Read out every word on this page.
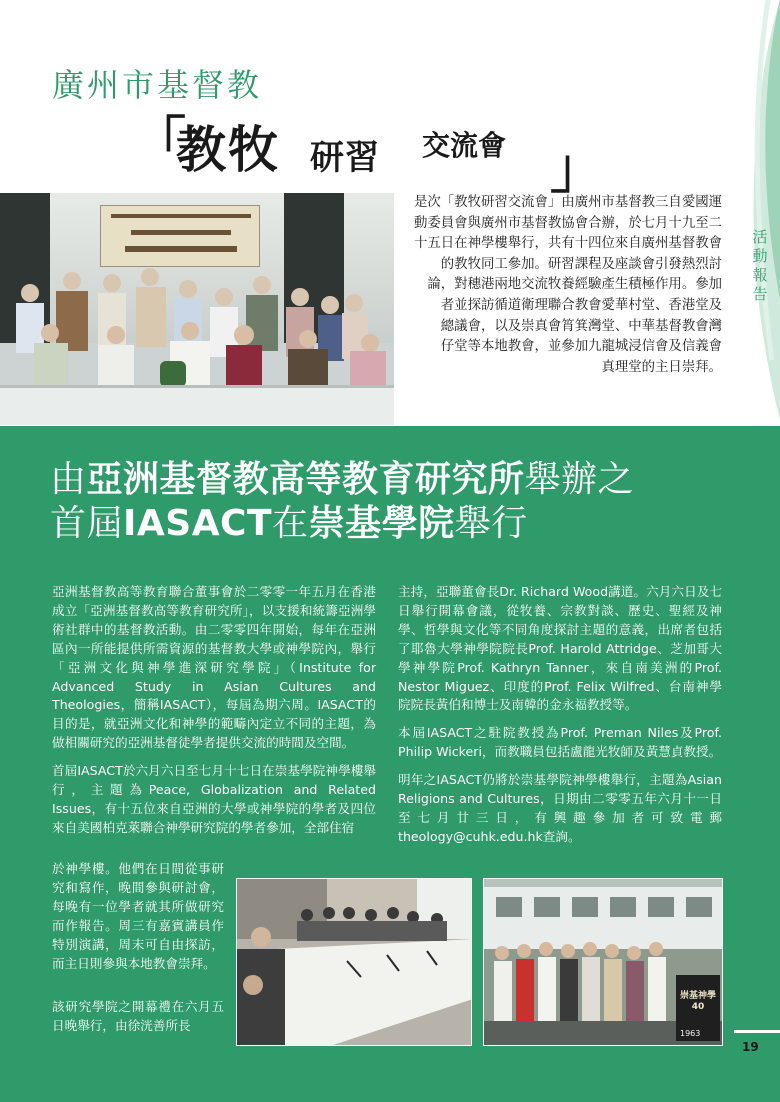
活
動
報
告
廣州市基督教
「
教牧 研習 交流會 」
是次「教牧研習交流會」由廣州市基督教三自愛國運
動委員會與廣州市基督教協會合辦，於七月十九至二
十五日在神學樓舉行，共有十四位來自廣州基督教會
的教牧同工參加。研習課程及座談會引發熱烈討
論，對穗港兩地交流牧養經驗產生積極作用。參加
者並探訪循道衛理聯合教會愛華村堂、香港堂及
總議會，以及崇真會筲箕灣堂、中華基督教會灣
仔堂等本地教會，並參加九龍城浸信會及信義會
真理堂的主日崇拜。
由亞洲基督教高等教育研究所舉辦之
首屆IASACT在崇基學院舉行

亞洲基督教高等教育聯合董事會於二零零一年五月在香港成立「亞洲基督教高等教育研究所」，以支援和統籌亞洲學術社群中的基督教活動。由二零零四年開始，每年在亞洲區內一所能提供所需資源的基督教大學或神學院內，舉行「亞洲文化與神學進深研究學院」（Institute for Advanced Study in Asian Cultures and Theologies，簡稱IASACT），每屆為期六周。IASACT的目的是，就亞洲文化和神學的範疇內定立不同的主題，為做相關研究的亞洲基督徒學者提供交流的時間及空間。

首屆IASACT於六月六日至七月十七日在崇基學院神學樓舉行，主題為Peace, Globalization and Related Issues，有十五位來自亞洲的大學或神學院的學者及四位來自美國柏克萊聯合神學研究院的學者參加，全部住宿

於神學樓。他們在日間從事研究和寫作，晚間參與研討會，每晚有一位學者就其所做研究而作報告。周三有嘉賓講員作特別演講，周末可自由探訪，而主日則參與本地教會崇拜。

該研究學院之開幕禮在六月五日晚舉行，由徐洸善所長

主持，亞聯董會長Dr. Richard Wood講道。六月六日及七日舉行開幕會議，從牧養、宗教對談、歷史、聖經及神學、哲學與文化等不同角度探討主題的意義，出席者包括了耶魯大學神學院院長Prof. Harold Attridge、芝加哥大學神學院Prof. Kathryn Tanner，來自南美洲的Prof. Nestor Miguez、印度的Prof. Felix Wilfred、台南神學院院長黃伯和博士及南韓的金永福教授等。

本屆IASACT之駐院教授為Prof. Preman Niles及Prof. Philip Wickeri，而教職員包括盧龍光牧師及黃慧貞教授。

明年之IASACT仍將於崇基學院神學樓舉行，主題為Asian Religions and Cultures，日期由二零零五年六月十一日至七月廿三日，有興趣參加者可致電郵theology@cuhk.edu.hk查詢。

崇基神學 40
1963
19
